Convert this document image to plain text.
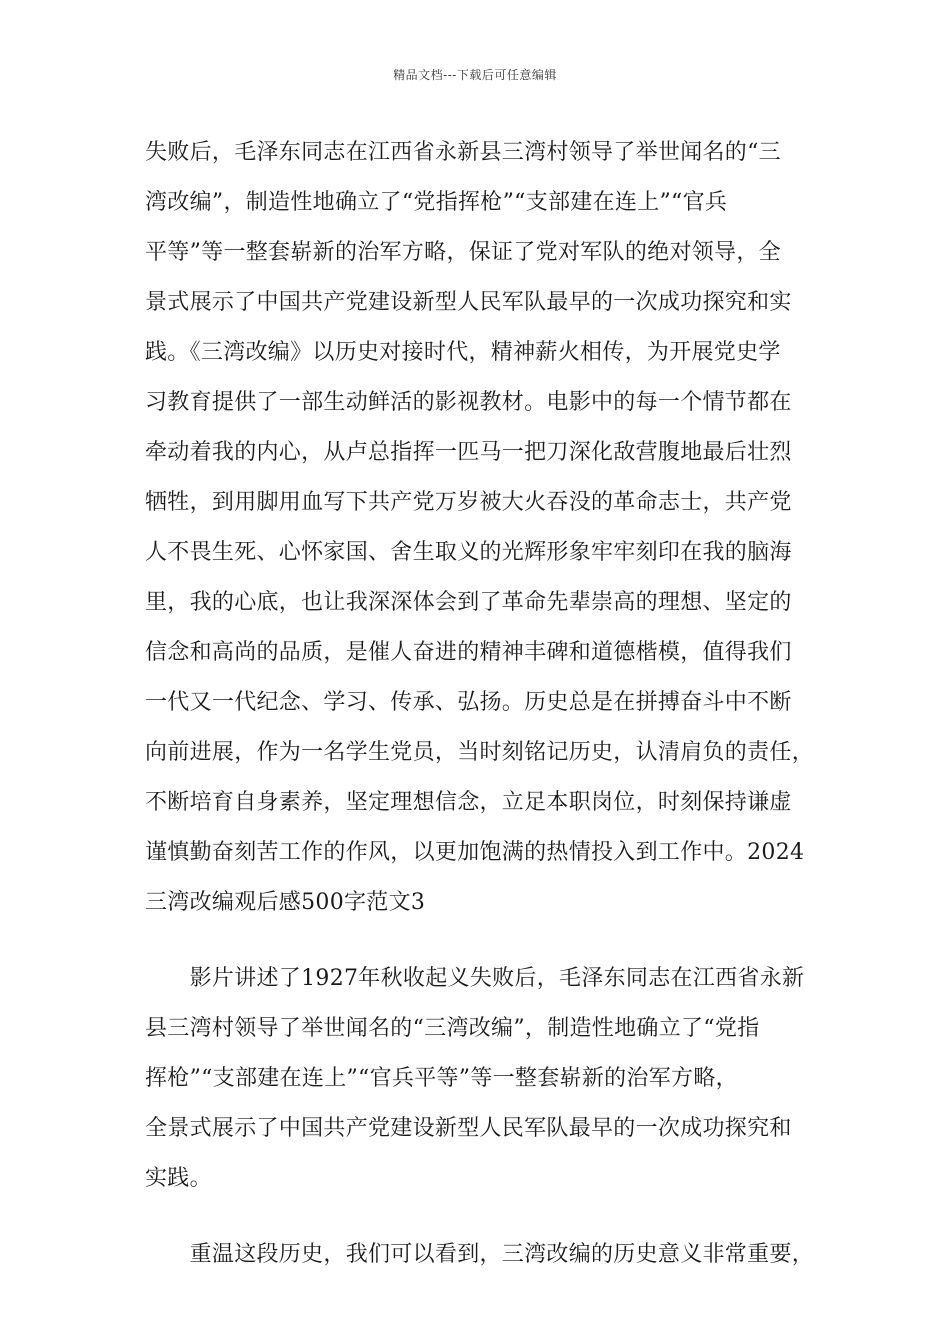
精品文档---下载后可任意编辑
失败后，毛泽东同志在江西省永新县三湾村领导了举世闻名的“三
湾改编”，制造性地确立了“党指挥枪”“支部建在连上”“官兵
平等”等一整套崭新的治军方略，保证了党对军队的绝对领导，全
景式展示了中国共产党建设新型人民军队最早的一次成功探究和实
践。《三湾改编》以历史对接时代，精神薪火相传，为开展党史学
习教育提供了一部生动鲜活的影视教材。电影中的每一个情节都在
牵动着我的内心，从卢总指挥一匹马一把刀深化敌营腹地最后壮烈
牺牲，到用脚用血写下共产党万岁被大火吞没的革命志士，共产党
人不畏生死、心怀家国、舍生取义的光辉形象牢牢刻印在我的脑海
里，我的心底，也让我深深体会到了革命先辈崇高的理想、坚定的
信念和高尚的品质，是催人奋进的精神丰碑和道德楷模，值得我们
一代又一代纪念、学习、传承、弘扬。历史总是在拼搏奋斗中不断
向前进展，作为一名学生党员，当时刻铭记历史，认清肩负的责任，
不断培育自身素养，坚定理想信念，立足本职岗位，时刻保持谦虚
谨慎勤奋刻苦工作的作风，以更加饱满的热情投入到工作中。2024
三湾改编观后感500字范文3
　　影片讲述了1927年秋收起义失败后，毛泽东同志在江西省永新
县三湾村领导了举世闻名的“三湾改编”，制造性地确立了“党指
挥枪”“支部建在连上”“官兵平等”等一整套崭新的治军方略，
全景式展示了中国共产党建设新型人民军队最早的一次成功探究和
实践。
　　重温这段历史，我们可以看到，三湾改编的历史意义非常重要，
